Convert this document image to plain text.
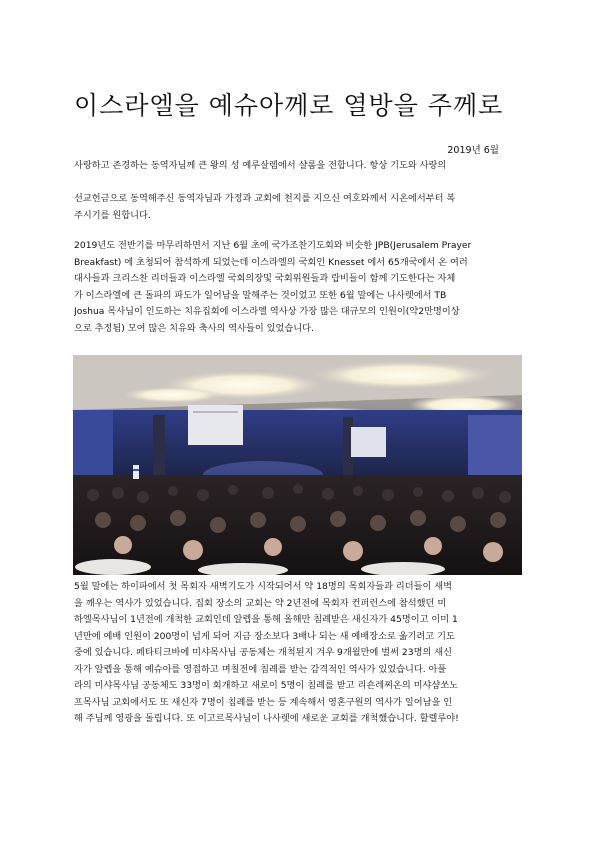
이스라엘을 예슈아께로 열방을 주께로
2019년 6월
사랑하고 존경하는 동역자님께 큰 왕의 성 예루살렘에서 샬롬을 전합니다. 항상 기도와 사랑의
선교헌금으로 동역해주신 동역자님과 가정과 교회에 천지를 지으신 여호와께서 시온에서부터 복
주시기를 원합니다.
2019년도 전반기를 마무리하면서 지난 6월 초에 국가조찬기도회와 비슷한 JPB(Jerusalem Prayer
Breakfast) 에 초청되어 참석하게 되었는데 이스라엘의 국회인 Knesset 에서 65개국에서 온 여러
대사들과 크리스찬 리더들과 이스라엘 국회의장및 국회위원들과 랍비들이 함께 기도한다는 자체
가 이스라엘에 큰 돌파의 파도가 일어남을 말해주는 것이었고 또한 6월 말에는 나사렛에서 TB
Joshua 목사님이 인도하는 치유집회에 이스라엘 역사상 가장 많은 대규모의 인원이(약2만명이상
으로 추정됨) 모여 많은 치유와 축사의 역사들이 있었습니다.
5월 말에는 하이파에서 첫 목회자 새벽기도가 시작되어서 약 18명의 목회자들과 리더들이 새벽
을 깨우는 역사가 있었습니다. 집회 장소의 교회는 약 2년전에 목회자 컨퍼런스에 참석했던 미
하엘목사님이 1년전에 개척한 교회인데 알렙을 통해 올해만 침례받은 새신자가 45명이고 이미 1
년만에 예배 인원이 200명이 넘게 되어 지금 장소보다 3배나 되는 새 예배장소로 옮기려고 기도
중에 있습니다. 페타티크바에 미샤목사님 공동체는 개척된지 겨우 9개월만에 벌써 23명의 새신
자가 알렙을 통해 예슈아를 영접하고 며칠전에 침례를 받는 감격적인 역사가 있었습니다. 아풀
라의 미샤목사님 공동체도 33명이 회개하고 새로이 5명이 침례를 받고 리숀레찌온의 미샤샴쏘노
프목사님 교회에서도 또 새신자 7명이 침례를 받는 등 계속해서 영혼구원의 역사가 일어남을 인
해 주님께 영광을 돌립니다. 또 이고르목사님이 나사렛에 새로운 교회를 개척했습니다. 할렐루야!
